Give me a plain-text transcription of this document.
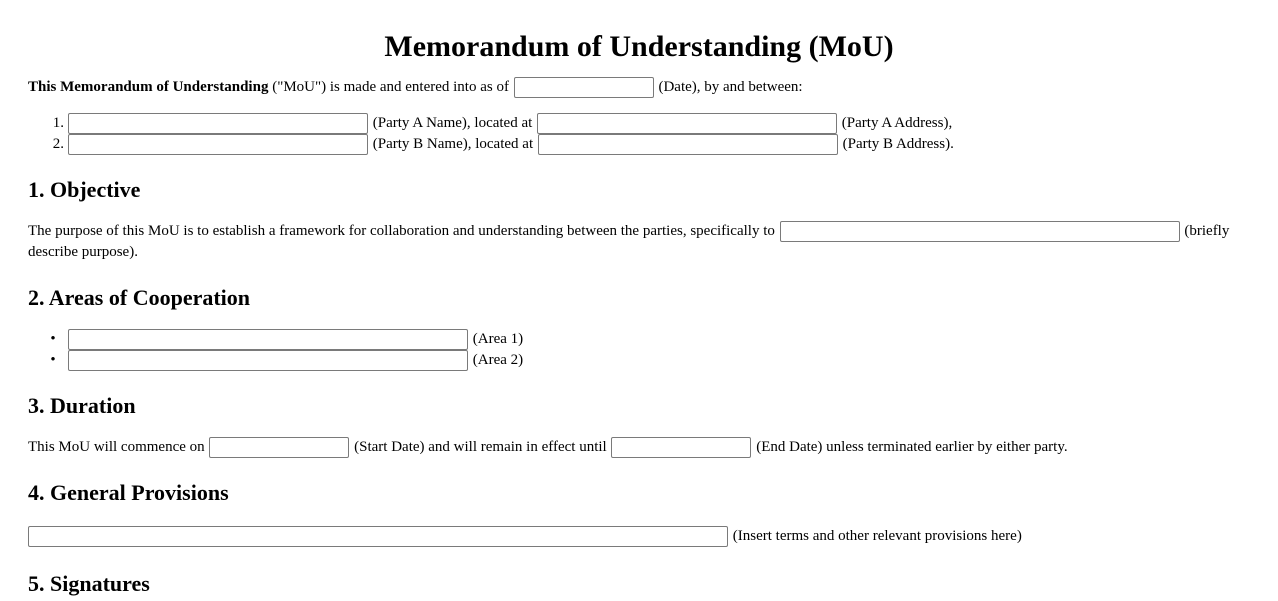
Memorandum of Understanding (MoU)

This Memorandum of Understanding ("MoU") is made and entered into as of	(Date), by and between:

1.	(Party A Name), located at	(Party A Address),
2.	(Party B Name), located at	(Party B Address).
1. Objective

The purpose of this MoU is to establish a framework for collaboration and understanding between the parties, specifically to	(briefly describe purpose).

2. Areas of Cooperation
•	(Area 1)
•	(Area 2)
3. Duration

This MoU will commence on	(Start Date) and will remain in effect until	(End Date) unless terminated earlier by either party.

4. General Provisions

(Insert terms and other relevant provisions here)

5. Signatures
